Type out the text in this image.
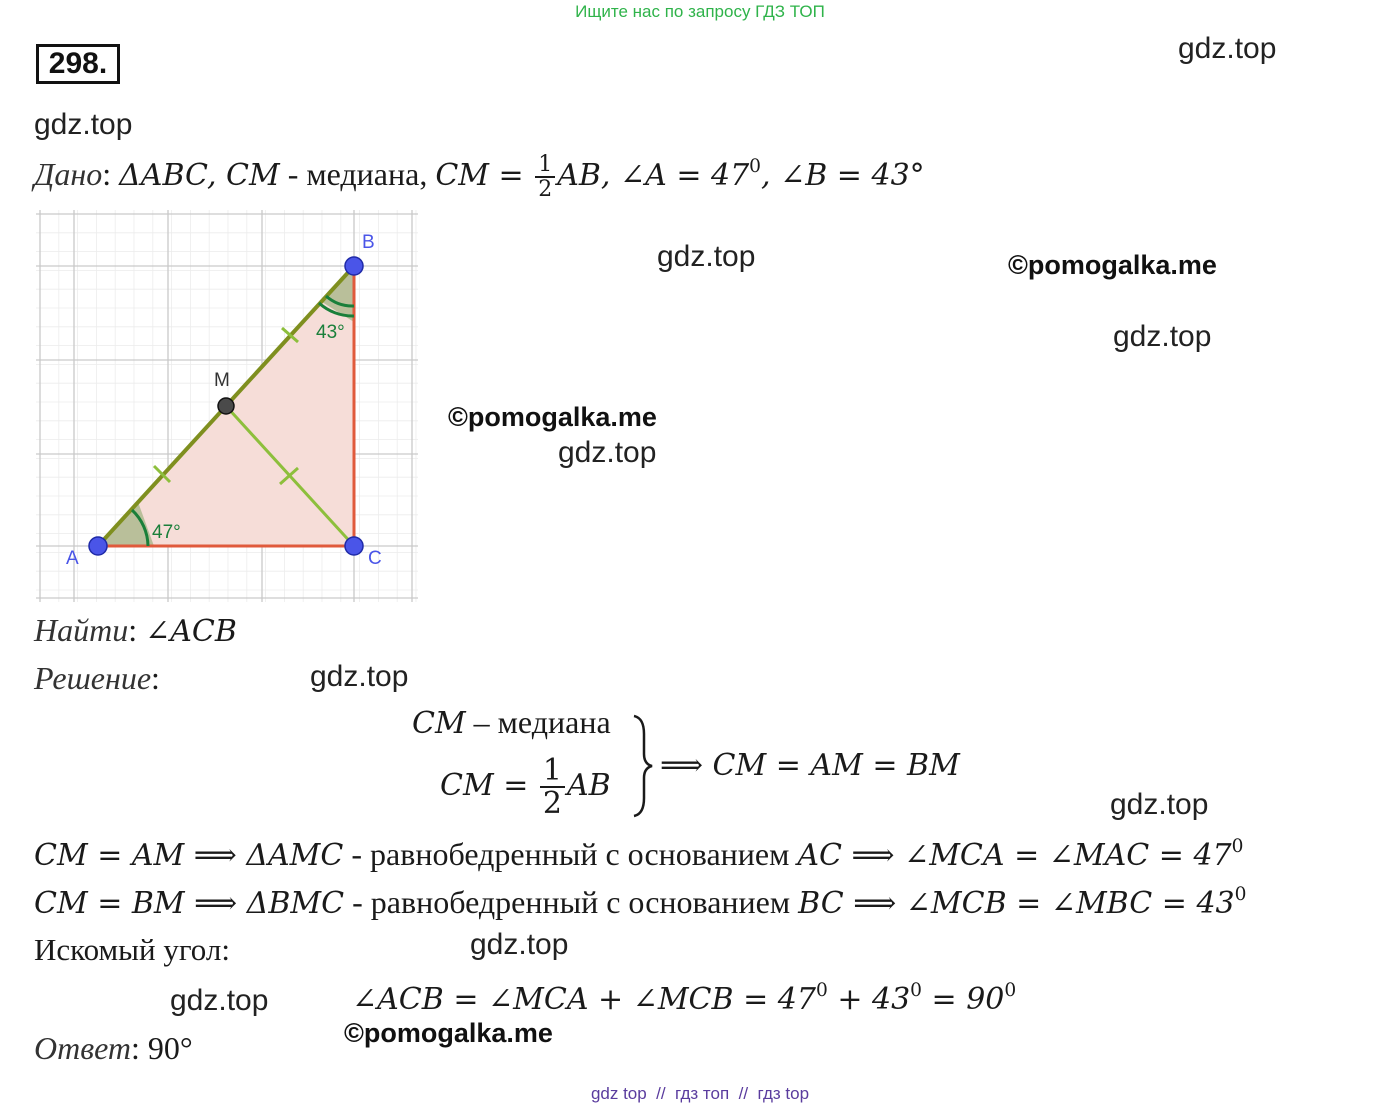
Ищите нас по запросу ГДЗ ТОП
298.	gdz.top
gdz.top
gdz.top
gdz.top
gdz.top
gdz.top
gdz.top
gdz.top
gdz.top
©pomogalka.me
©pomogalka.me
©pomogalka.me
Дано: ΔABC, CM - медиана, CM = $\frac{1}{2}$ AB, ∠A = $47^0$, ∠B = 43°
47°
43°
A
B
C
M
Найти: ∠ACB
Решение:
CM – медиана
CM = $\frac{1}{2}$ AB
⟹ CM = AM = BM
CM = AM ⟹ ΔAMC - равнобедренный с основанием AC ⟹ ∠MCA = ∠MAC = $47^0$
CM = BM ⟹ ΔBMC - равнобедренный с основанием BC ⟹ ∠MCB = ∠MBC = $43^0$
Искомый угол:
∠ACB = ∠MCA + ∠MCB = $47^0 + 43^0 = 90^0$
Ответ: 90°
gdz top  //  гдз топ  //  гдз top
